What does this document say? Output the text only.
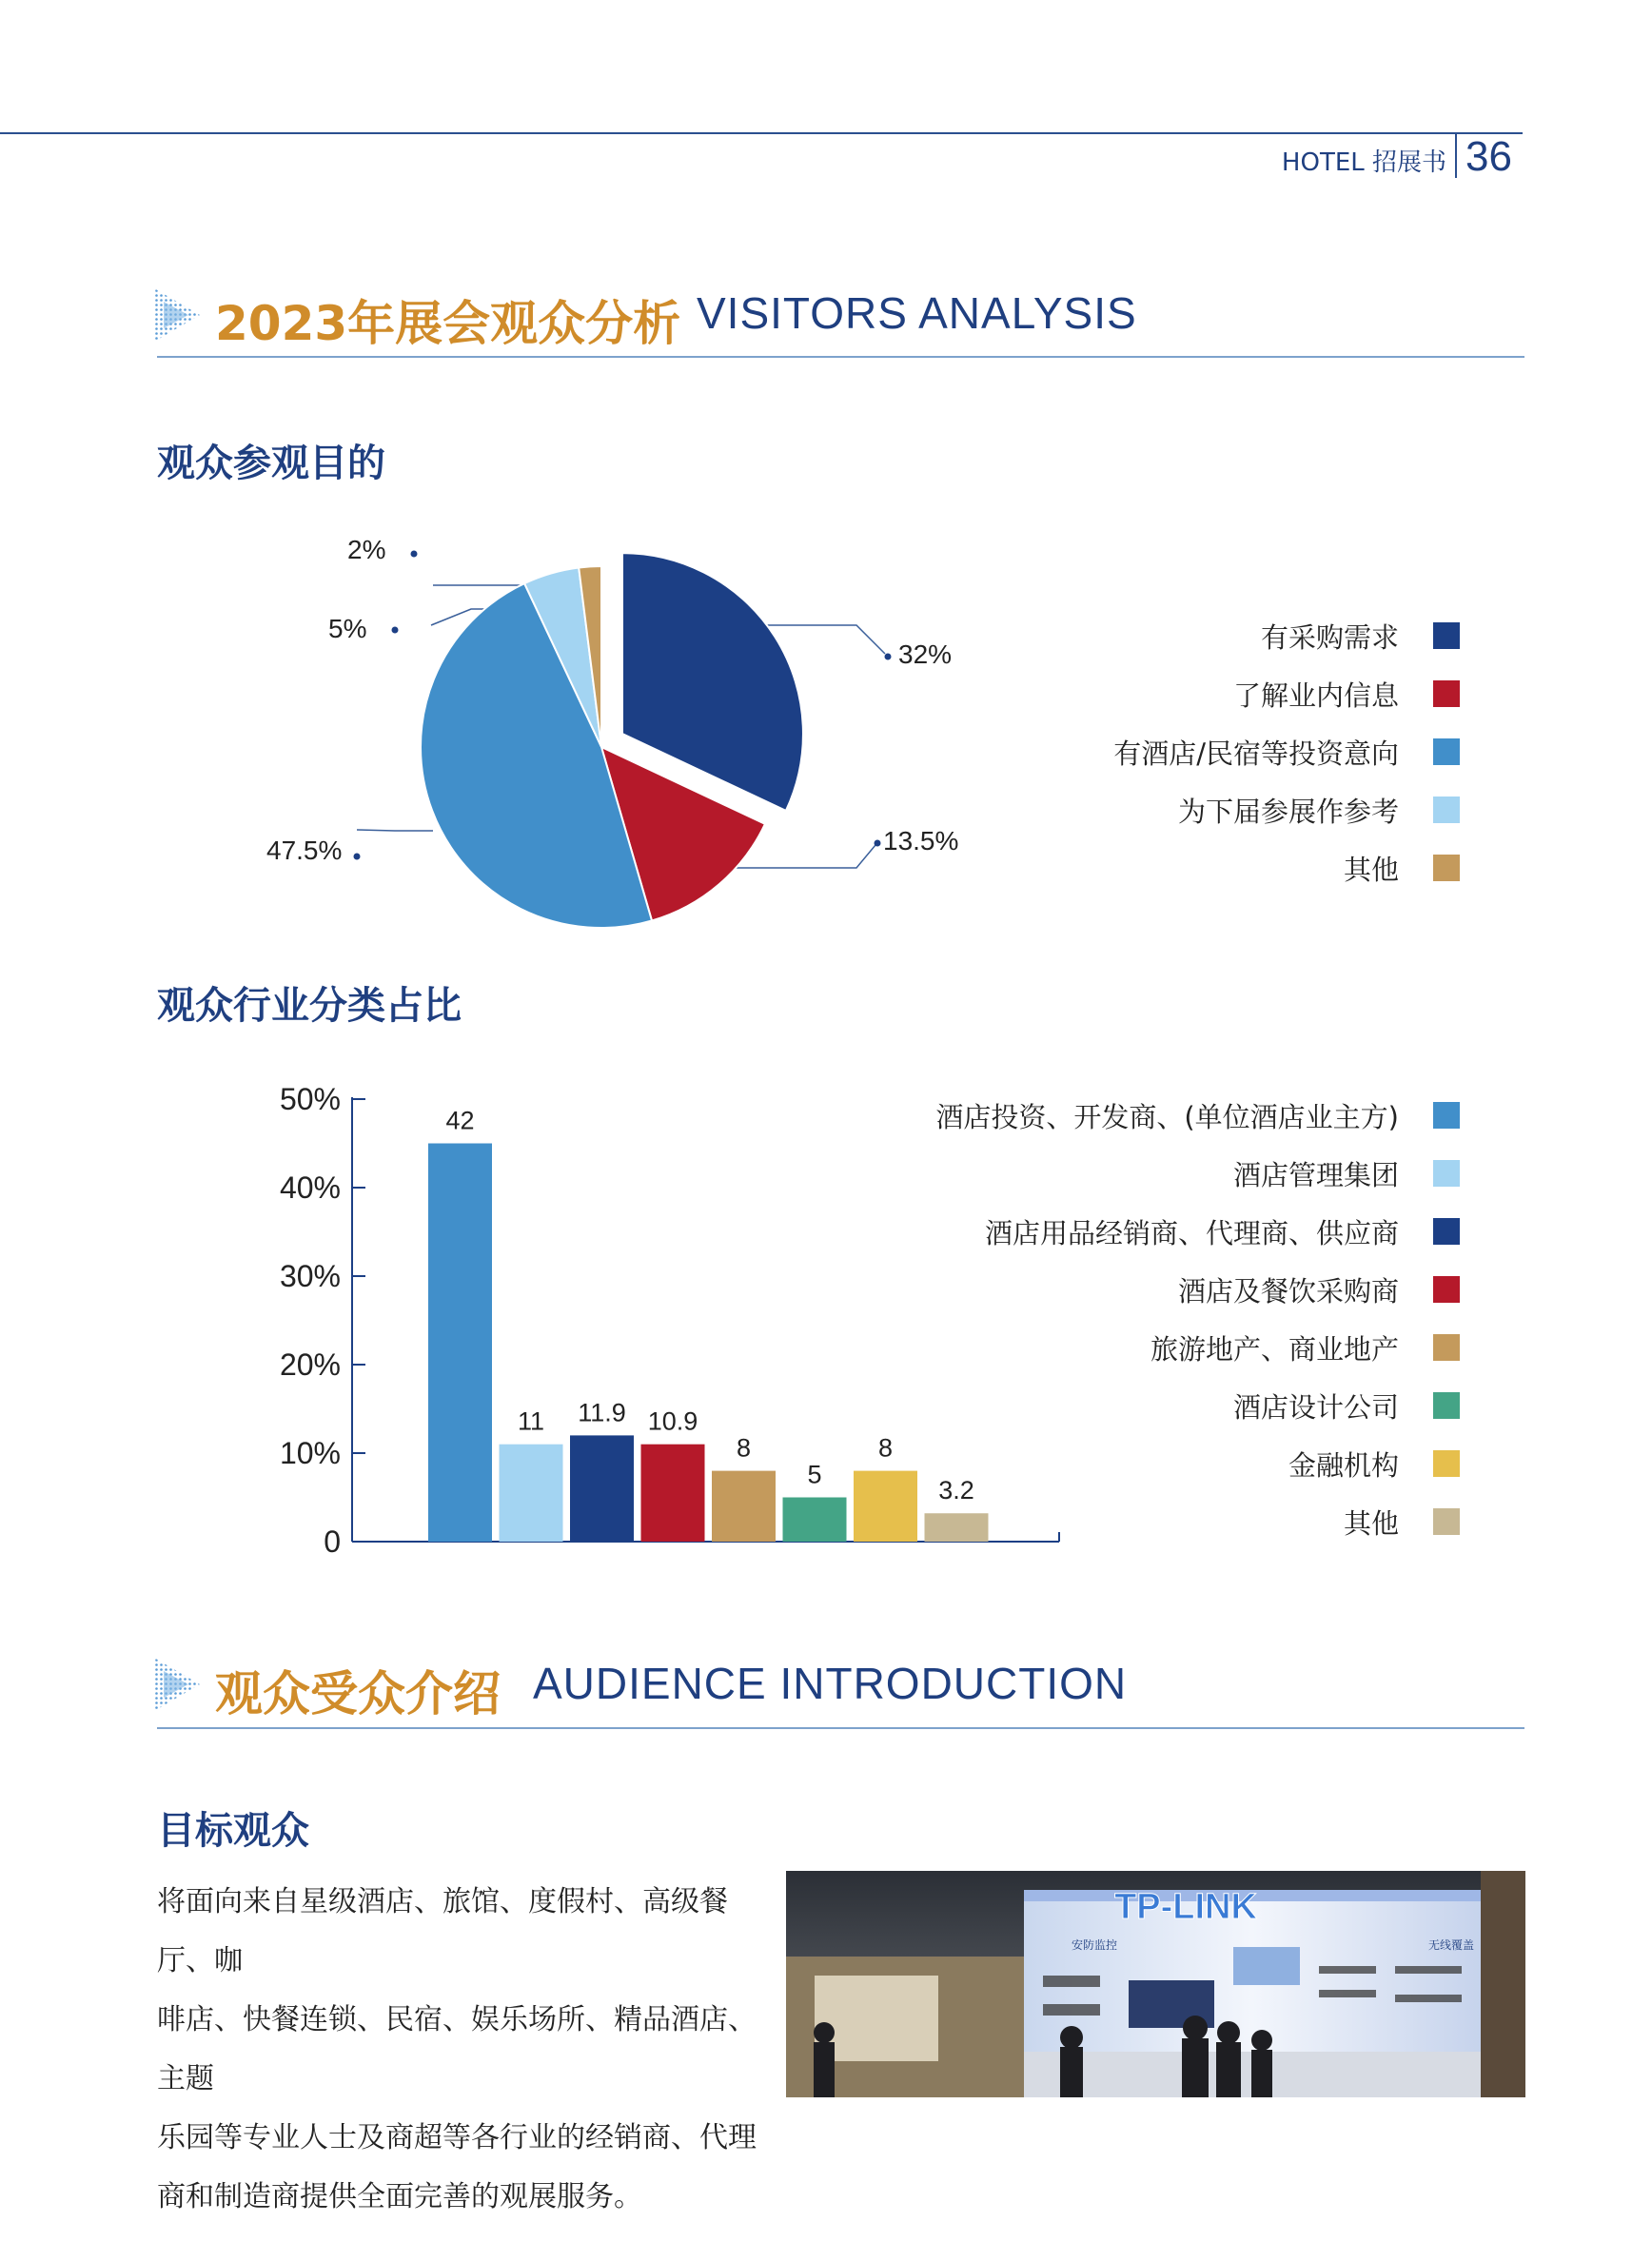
HOTEL 招展书 36
2023年展会观众分析 VISITORS ANALYSIS
观众参观目的
32%
13.5%
47.5%
5%
2%
有采购需求
了解业内信息
有酒店/民宿等投资意向
为下届参展作参考
其他
观众行业分类占比
0
10%
20%
30%
40%
50%
42
11 11.9 10.9
8
5
8
3.2
酒店投资、开发商、(单位酒店业主方)
酒店管理集团
酒店用品经销商、代理商、供应商
酒店及餐饮采购商
旅游地产、商业地产
酒店设计公司
金融机构
其他
观众受众介绍 AUDIENCE INTRODUCTION
目标观众
将面向来自星级酒店、旅馆、度假村、高级餐厅、咖
啡店、快餐连锁、民宿、娱乐场所、精品酒店、主题
乐园等专业人士及商超等各行业的经销商、代理
商和制造商提供全面完善的观展服务。
TP-LINK
安防监控	无线覆盖
